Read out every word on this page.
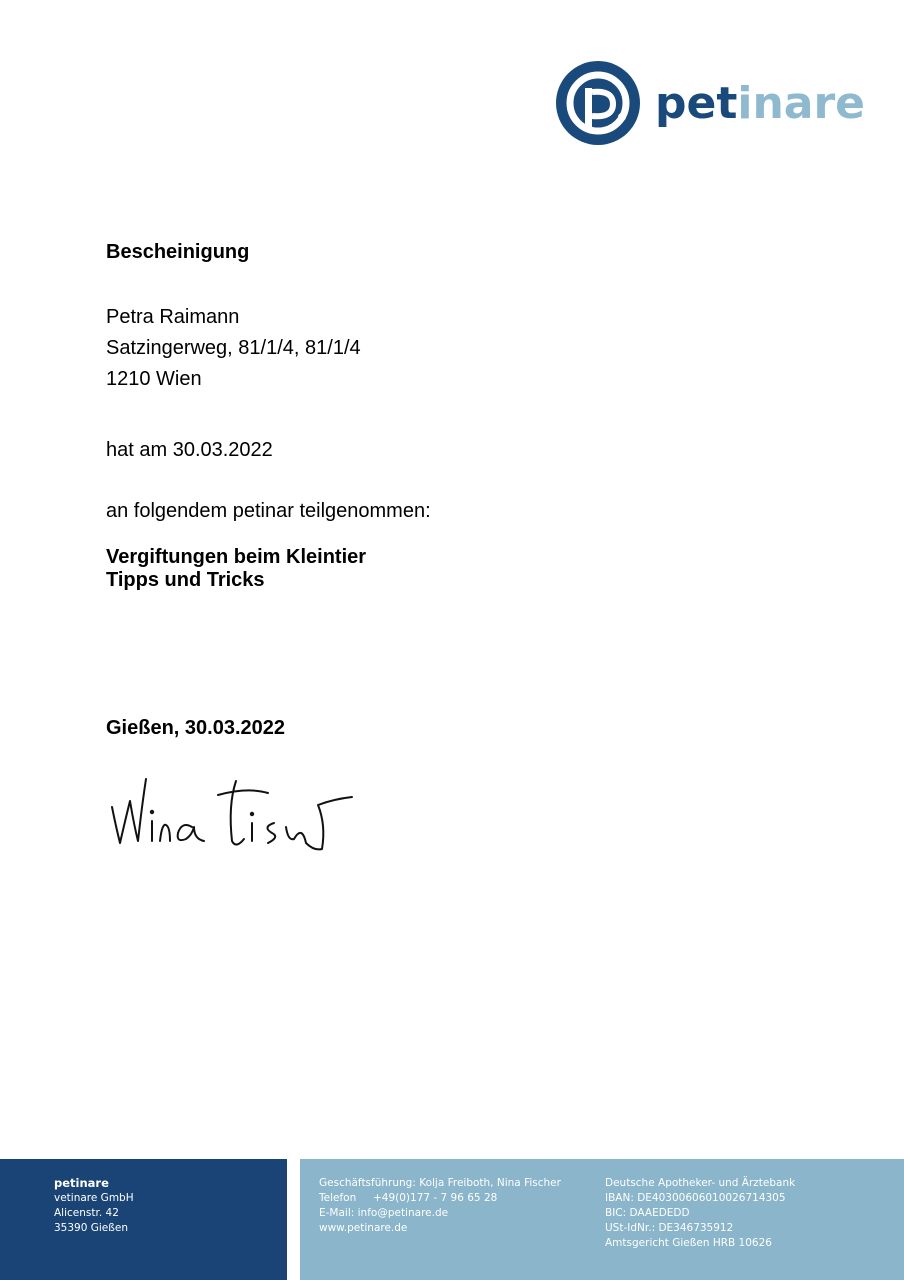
petinare
Bescheinigung
Petra Raimann
Satzingerweg, 81/1/4, 81/1/4
1210 Wien
hat am 30.03.2022
an folgendem petinar teilgenommen:
Vergiftungen beim Kleintier
Tipps und Tricks
Gießen, 30.03.2022
petinare
vetinare GmbH
Alicenstr. 42
35390 Gießen
Geschäftsführung: Kolja Freiboth, Nina Fischer
Telefon +49(0)177 - 7 96 65 28
E-Mail: info@petinare.de
www.petinare.de
Deutsche Apotheker- und Ärztebank
IBAN: DE40300606010026714305
BIC: DAAEDEDD
USt-IdNr.: DE346735912
Amtsgericht Gießen HRB 10626
